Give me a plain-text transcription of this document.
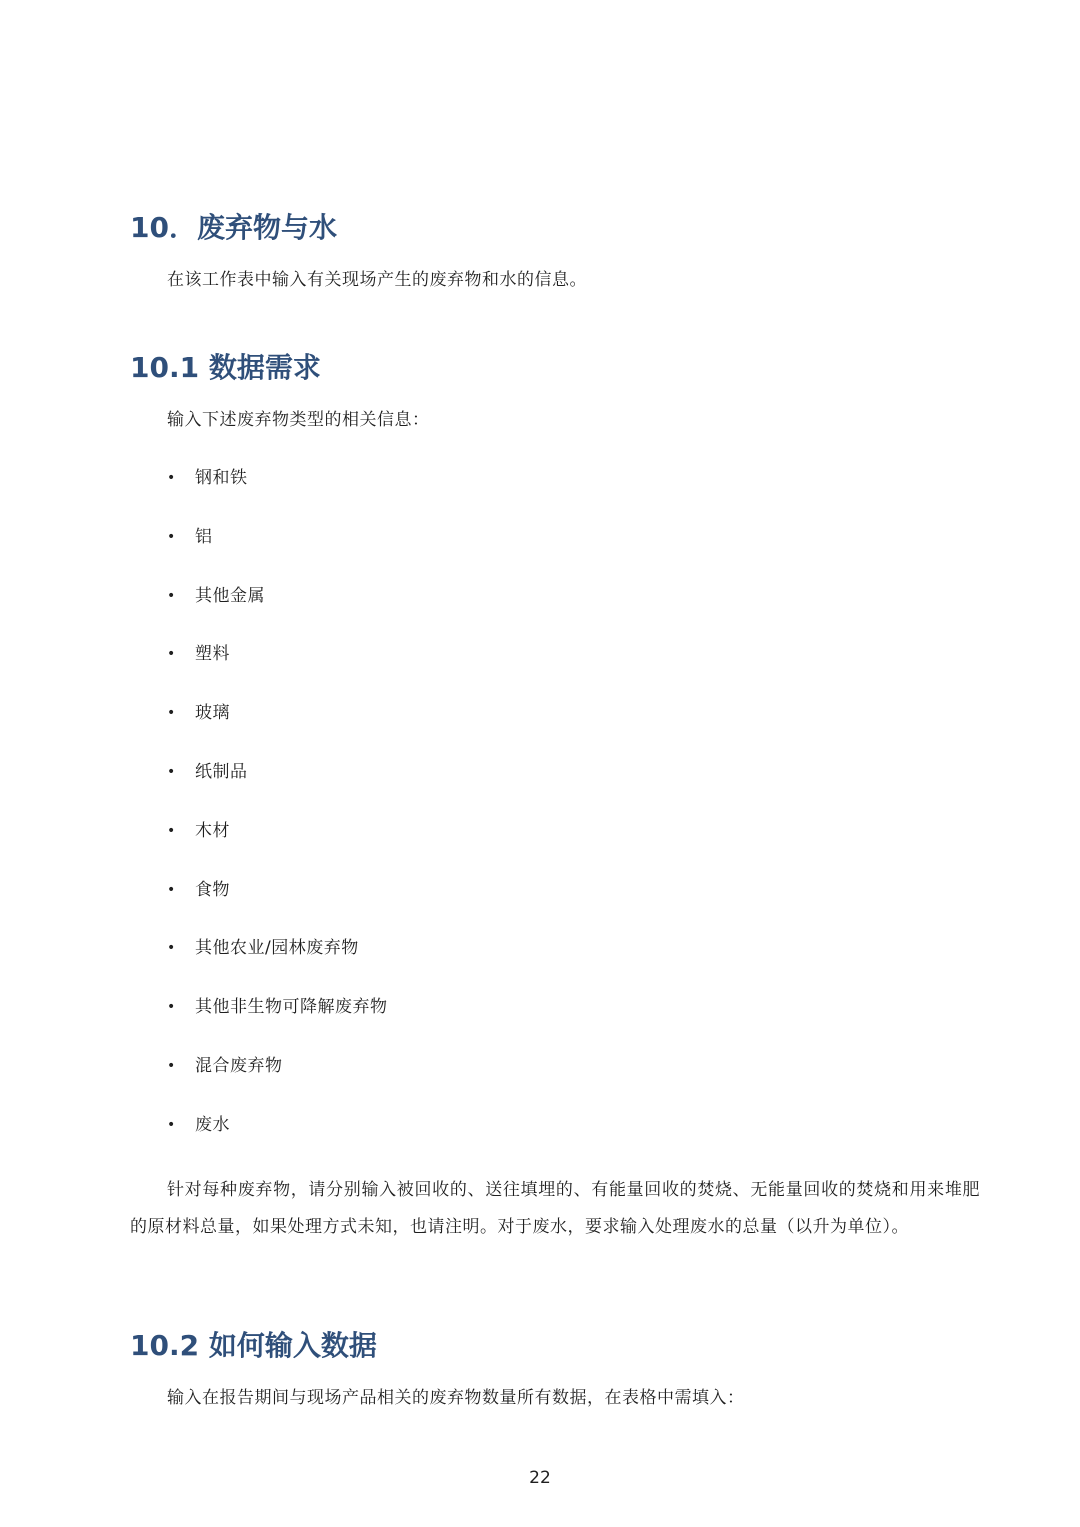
10．废弃物与水

在该工作表中输入有关现场产生的废弃物和水的信息。

10.1 数据需求

输入下述废弃物类型的相关信息：

•	钢和铁
•	铝
•	其他金属
•	塑料
•	玻璃
•	纸制品
•	木材
•	食物
•	其他农业/园林废弃物
•	其他非生物可降解废弃物
•	混合废弃物
•	废水

针对每种废弃物，请分别输入被回收的、送往填埋的、有能量回收的焚烧、无能量回收的焚烧和用来堆肥的原材料总量，如果处理方式未知，也请注明。对于废水，要求输入处理废水的总量（以升为单位）。

10.2 如何输入数据

输入在报告期间与现场产品相关的废弃物数量所有数据，在表格中需填入：

22
